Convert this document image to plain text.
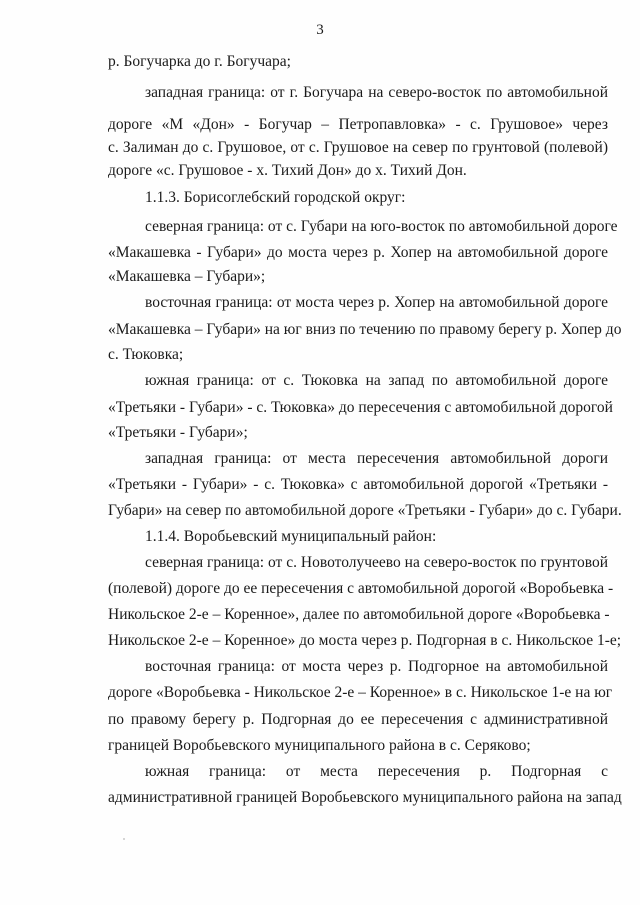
3
р. Богучарка до г. Богучара;
западная граница: от г. Богучара на северо-восток по автомобильной
дороге «М «Дон» - Богучар – Петропавловка» - с. Грушовое» через
с. Залиман до с. Грушовое, от с. Грушовое на север по грунтовой (полевой)
дороге «с. Грушовое - х. Тихий Дон» до х. Тихий Дон.
1.1.3. Борисоглебский городской округ:
северная граница: от с. Губари на юго-восток по автомобильной дороге
«Макашевка - Губари» до моста через р. Хопер на автомобильной дороге
«Макашевка – Губари»;
восточная граница: от моста через р. Хопер на автомобильной дороге
«Макашевка – Губари» на юг вниз по течению по правому берегу р. Хопер до
с. Тюковка;
южная граница: от с. Тюковка на запад по автомобильной дороге
«Третьяки - Губари» - с. Тюковка» до пересечения с автомобильной дорогой
«Третьяки - Губари»;
западная граница: от места пересечения автомобильной дороги
«Третьяки - Губари» - с. Тюковка» с автомобильной дорогой «Третьяки -
Губари» на север по автомобильной дороге «Третьяки - Губари» до с. Губари.
1.1.4. Воробьевский муниципальный район:
северная граница: от с. Новотолучеево на северо-восток по грунтовой
(полевой) дороге до ее пересечения с автомобильной дорогой «Воробьевка -
Никольское 2-е – Коренное», далее по автомобильной дороге «Воробьевка -
Никольское 2-е – Коренное» до моста через р. Подгорная в с. Никольское 1-е;
восточная граница: от моста через р. Подгорное на автомобильной
дороге «Воробьевка - Никольское 2-е – Коренное» в с. Никольское 1-е на юг
по правому берегу р. Подгорная до ее пересечения с административной
границей Воробьевского муниципального района в с. Серяково;
южная граница: от места пересечения р. Подгорная с
административной границей Воробьевского муниципального района на запад
